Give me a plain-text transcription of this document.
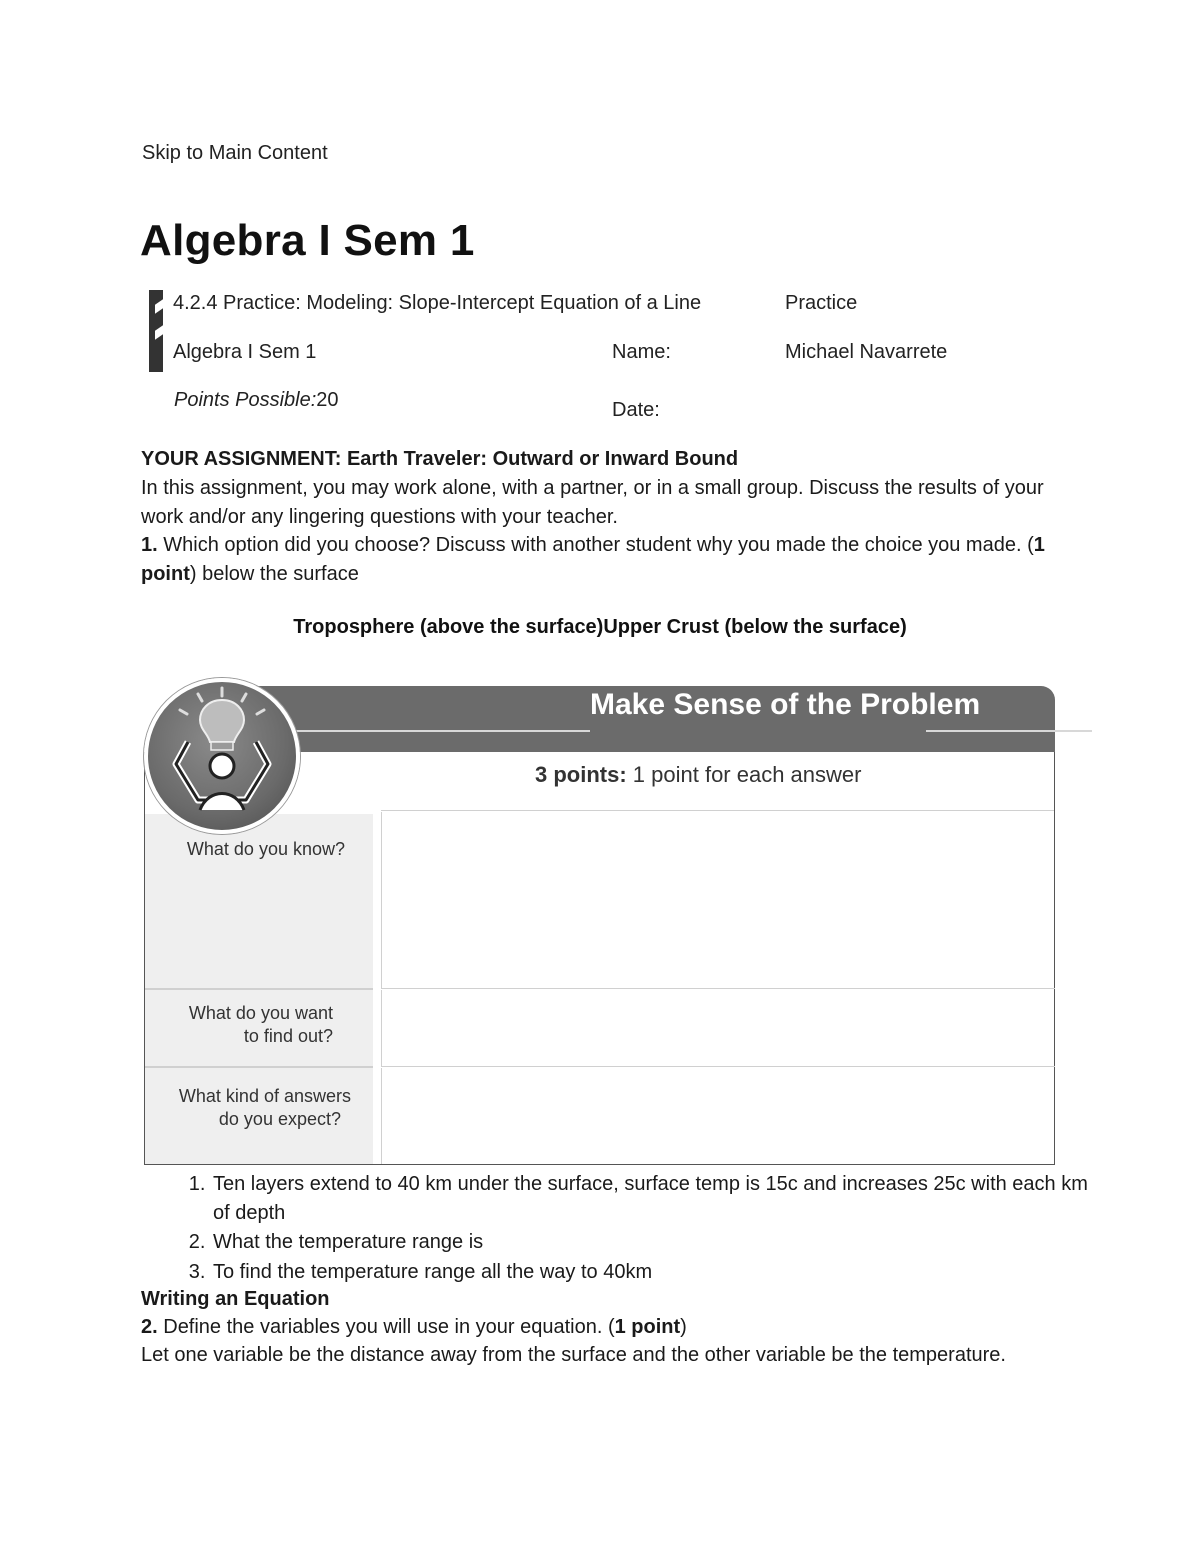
Skip to Main Content
Algebra I Sem 1
4.2.4 Practice: Modeling: Slope-Intercept Equation of a Line	Practice
Algebra I Sem 1	Name:	Michael Navarrete
Points Possible:20	Date:
YOUR ASSIGNMENT: Earth Traveler: Outward or Inward Bound
In this assignment, you may work alone, with a partner, or in a small group. Discuss the results of your work and/or any lingering questions with your teacher.
1. Which option did you choose? Discuss with another student why you made the choice you made. (1 point) below the surface
Troposphere (above the surface)Upper Crust (below the surface)
Make Sense of the Problem
3 points: 1 point for each answer
What do you know?
What do you want
to find out?
What kind of answers
do you expect?
1. Ten layers extend to 40 km under the surface, surface temp is 15c and increases 25c with each km of depth
2. What the temperature range is
3. To find the temperature range all the way to 40km
Writing an Equation
2. Define the variables you will use in your equation. (1 point)
Let one variable be the distance away from the surface and the other variable be the temperature.
